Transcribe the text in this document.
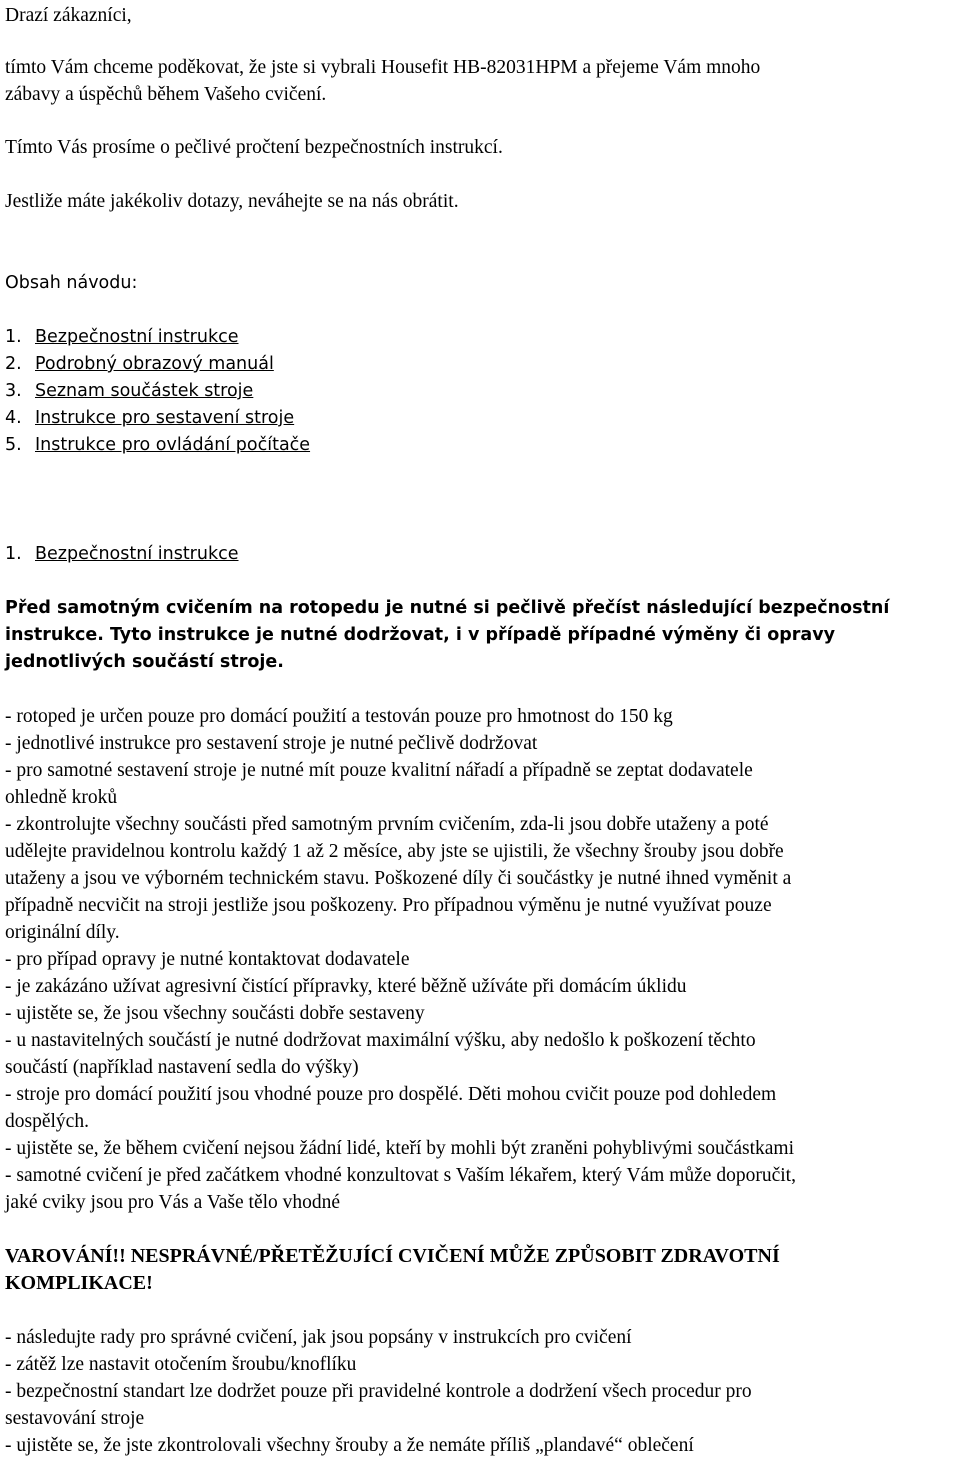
Drazí zákazníci,
tímto Vám chceme poděkovat, že jste si vybrali Housefit HB-82031HPM a přejeme Vám mnoho
zábavy a úspěchů během Vašeho cvičení.
Tímto Vás prosíme o pečlivé pročtení bezpečnostních instrukcí.
Jestliže máte jakékoliv dotazy, neváhejte se na nás obrátit.
Obsah návodu:
1. Bezpečnostní instrukce
2. Podrobný obrazový manuál
3. Seznam součástek stroje
4. Instrukce pro sestavení stroje
5. Instrukce pro ovládání počítače
1. Bezpečnostní instrukce
Před samotným cvičením na rotopedu je nutné si pečlivě přečíst následující bezpečnostní
instrukce. Tyto instrukce je nutné dodržovat, i v případě případné výměny či opravy
jednotlivých součástí stroje.
- rotoped je určen pouze pro domácí použití a testován pouze pro hmotnost do 150 kg
- jednotlivé instrukce pro sestavení stroje je nutné pečlivě dodržovat
- pro samotné sestavení stroje je nutné mít pouze kvalitní nářadí a případně se zeptat dodavatele
ohledně kroků
- zkontrolujte všechny součásti před samotným prvním cvičením, zda-li jsou dobře utaženy a poté
udělejte pravidelnou kontrolu každý 1 až 2 měsíce, aby jste se ujistili, že všechny šrouby jsou dobře
utaženy a jsou ve výborném technickém stavu. Poškozené díly či součástky je nutné ihned vyměnit a
případně necvičit na stroji jestliže jsou poškozeny. Pro případnou výměnu je nutné využívat pouze
originální díly.
- pro případ opravy je nutné kontaktovat dodavatele
- je zakázáno užívat agresivní čistící přípravky, které běžně užíváte při domácím úklidu
- ujistěte se, že jsou všechny součásti dobře sestaveny
- u nastavitelných součástí je nutné dodržovat maximální výšku, aby nedošlo k poškození těchto
součástí (například nastavení sedla do výšky)
- stroje pro domácí použití jsou vhodné pouze pro dospělé. Děti mohou cvičit pouze pod dohledem
dospělých.
- ujistěte se, že během cvičení nejsou žádní lidé, kteří by mohli být zraněni pohyblivými součástkami
- samotné cvičení je před začátkem vhodné konzultovat s Vaším lékařem, který Vám může doporučit,
jaké cviky jsou pro Vás a Vaše tělo vhodné
VAROVÁNÍ!! NESPRÁVNÉ/PŘETĚŽUJÍCÍ CVIČENÍ MŮŽE ZPŮSOBIT ZDRAVOTNÍ
KOMPLIKACE!
- následujte rady pro správné cvičení, jak jsou popsány v instrukcích pro cvičení
- zátěž lze nastavit otočením šroubu/knoflíku
- bezpečnostní standart lze dodržet pouze při pravidelné kontrole a dodržení všech procedur pro
sestavování stroje
- ujistěte se, že jste zkontrolovali všechny šrouby a že nemáte příliš „plandavé“ oblečení
